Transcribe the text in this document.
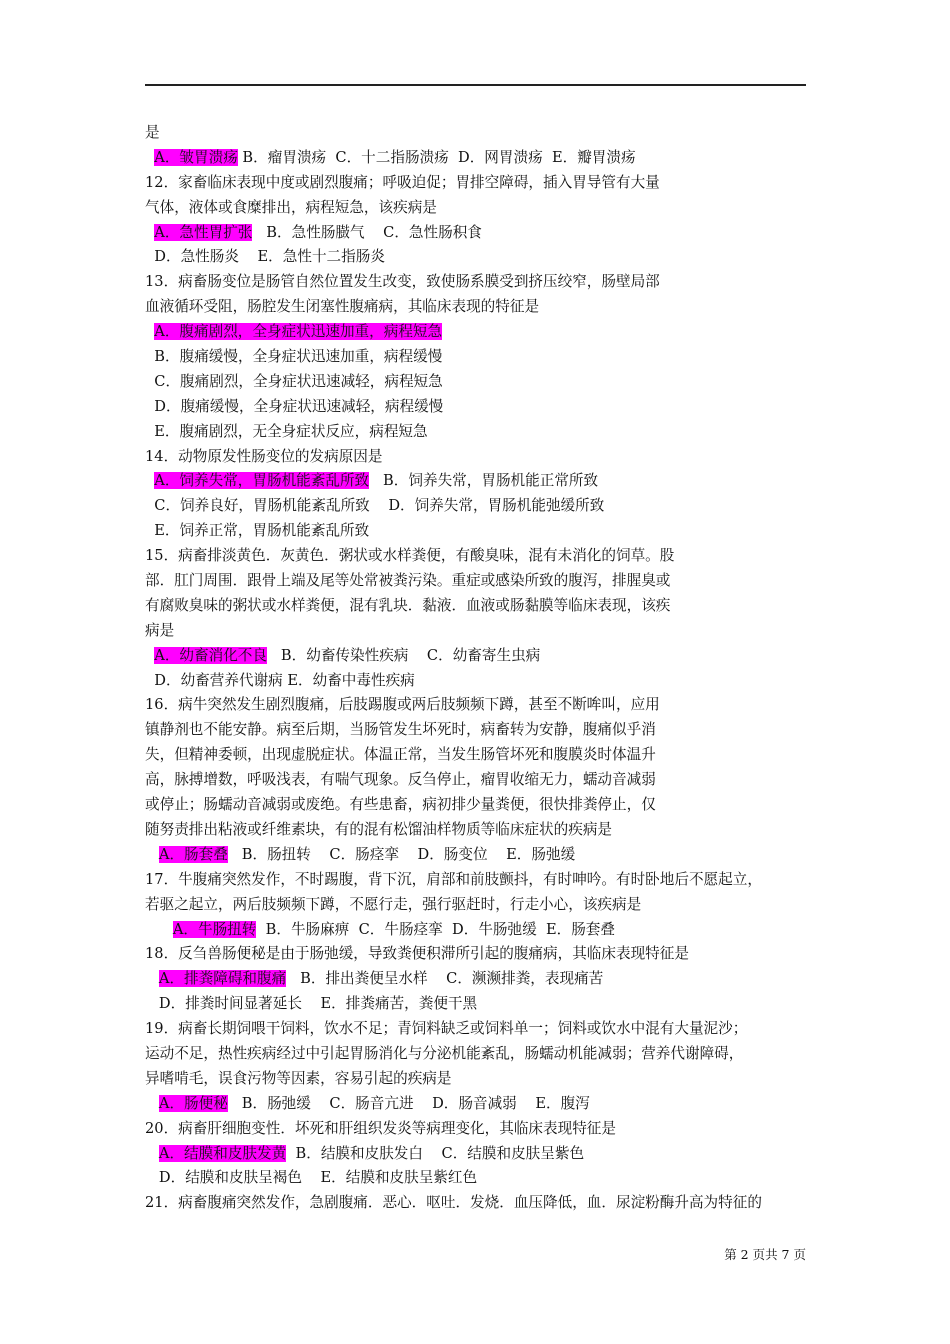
是
A．皱胃溃疡 B．瘤胃溃疡  C．十二指肠溃疡  D．网胃溃疡  E．瓣胃溃疡
12．家畜临床表现中度或剧烈腹痛；呼吸迫促；胃排空障碍，插入胃导管有大量
气体，液体或食糜排出，病程短急，该疾病是
A．急性胃扩张   B．急性肠臌气    C．急性肠积食
D．急性肠炎    E．急性十二指肠炎
13．病畜肠变位是肠管自然位置发生改变，致使肠系膜受到挤压绞窄，肠壁局部
血液循环受阻，肠腔发生闭塞性腹痛病，其临床表现的特征是
A．腹痛剧烈，全身症状迅速加重，病程短急
B．腹痛缓慢，全身症状迅速加重，病程缓慢
C．腹痛剧烈，全身症状迅速减轻，病程短急
D．腹痛缓慢，全身症状迅速减轻，病程缓慢
E．腹痛剧烈，无全身症状反应，病程短急
14．动物原发性肠变位的发病原因是
A．饲养失常，胃肠机能紊乱所致   B．饲养失常，胃肠机能正常所致
C．饲养良好，胃肠机能紊乱所致    D．饲养失常，胃肠机能弛缓所致
E．饲养正常，胃肠机能紊乱所致
15．病畜排淡黄色．灰黄色．粥状或水样粪便，有酸臭味，混有未消化的饲草。股
部．肛门周围．跟骨上端及尾等处常被粪污染。重症或感染所致的腹泻，排腥臭或
有腐败臭味的粥状或水样粪便，混有乳块．黏液．血液或肠黏膜等临床表现，该疾
病是
A．幼畜消化不良   B．幼畜传染性疾病    C．幼畜寄生虫病
D．幼畜营养代谢病 E．幼畜中毒性疾病
16．病牛突然发生剧烈腹痛，后肢踢腹或两后肢频频下蹲，甚至不断哞叫，应用
镇静剂也不能安静。病至后期，当肠管发生坏死时，病畜转为安静，腹痛似乎消
失，但精神委顿，出现虚脱症状。体温正常，当发生肠管坏死和腹膜炎时体温升
高，脉搏增数，呼吸浅表，有喘气现象。反刍停止，瘤胃收缩无力，蠕动音减弱
或停止；肠蠕动音减弱或废绝。有些患畜，病初排少量粪便，很快排粪停止，仅
随努责排出粘液或纤维素块，有的混有松馏油样物质等临床症状的疾病是
A．肠套叠   B．肠扭转    C．肠痉挛    D．肠变位    E．肠弛缓
17．牛腹痛突然发作，不时踢腹，背下沉，肩部和前肢颤抖，有时呻吟。有时卧地后不愿起立，
若驱之起立，两后肢频频下蹲，不愿行走，强行驱赶时，行走小心，该疾病是
A．牛肠扭转  B．牛肠麻痹  C．牛肠痉挛  D．牛肠弛缓  E．肠套叠
18．反刍兽肠便秘是由于肠弛缓，导致粪便积滞所引起的腹痛病，其临床表现特征是
A．排粪障碍和腹痛   B．排出粪便呈水样    C．濒濒排粪，表现痛苦
D．排粪时间显著延长    E．排粪痛苦，粪便干黑
19．病畜长期饲喂干饲料，饮水不足；青饲料缺乏或饲料单一；饲料或饮水中混有大量泥沙；
运动不足，热性疾病经过中引起胃肠消化与分泌机能紊乱，肠蠕动机能减弱；营养代谢障碍，
异嗜啃毛，误食污物等因素，容易引起的疾病是
A．肠便秘   B．肠弛缓    C．肠音亢进    D．肠音减弱    E．腹泻
20．病畜肝细胞变性．坏死和肝组织发炎等病理变化，其临床表现特征是
A．结膜和皮肤发黄  B．结膜和皮肤发白    C．结膜和皮肤呈紫色
D．结膜和皮肤呈褐色    E．结膜和皮肤呈紫红色
21．病畜腹痛突然发作，急剧腹痛．恶心．呕吐．发烧．血压降低，血．尿淀粉酶升高为特征的
第 2 页共 7 页
